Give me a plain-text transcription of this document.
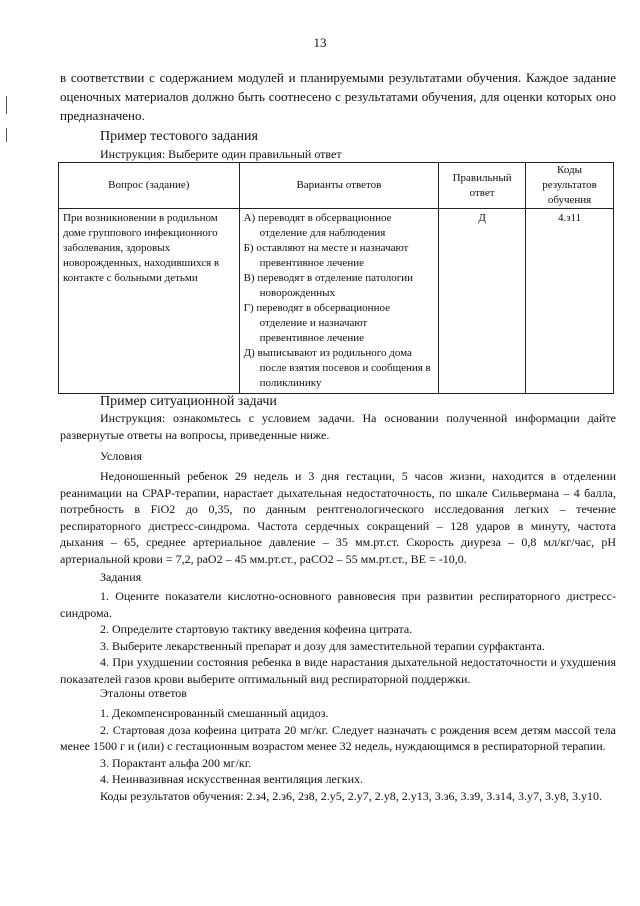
13
в соответствии с содержанием модулей и планируемыми результатами обучения. Каждое задание оценочных материалов должно быть соотнесено с результатами обучения, для оценки которых оно предназначено.
Пример тестового задания
Инструкция: Выберите один правильный ответ
Вопрос (задание)	Варианты ответов	Правильный ответ	Коды результатов обучения
При возникновении в родильном доме группового инфекционного заболевания, здоровых новорожденных, находившихся в контакте с больными детьми	А) переводят в обсервационное отделение для наблюдения
Б) оставляют на месте и назначают превентивное лечение
В) переводят в отделение патологии новорожденных
Г) переводят в обсервационное отделение и назначают превентивное лечение
Д) выписывают из родильного дома после взятия посевов и сообщения в поликлинику	Д	4.з11
Пример ситуационной задачи
Инструкция: ознакомьтесь с условием задачи. На основании полученной информации дайте развернутые ответы на вопросы, приведенные ниже.
Условия
Недоношенный ребенок 29 недель и 3 дня гестации, 5 часов жизни, находится в отделении реанимации на CPAP-терапии, нарастает дыхательная недостаточность, по шкале Сильвермана – 4 балла, потребность в FiO2 до 0,35, по данным рентгенологического исследования легких – течение респираторного дистресс-синдрома. Частота сердечных сокращений – 128 ударов в минуту, частота дыхания – 65, среднее артериальное давление – 35 мм.рт.ст. Скорость диуреза – 0,8 мл/кг/час, pH артериальной крови = 7,2, раО2 – 45 мм.рт.ст., раСО2 – 55 мм.рт.ст., BE = -10,0.
Задания
1. Оцените показатели кислотно-основного равновесия при развитии респираторного дистресс-синдрома.
2. Определите стартовую тактику введения кофеина цитрата.
3. Выберите лекарственный препарат и дозу для заместительной терапии сурфактанта.
4. При ухудшении состояния ребенка в виде нарастания дыхательной недостаточности и ухудшения показателей газов крови выберите оптимальный вид респираторной поддержки.
Эталоны ответов
1. Декомпенсированный смешанный ацидоз.
2. Стартовая доза кофеина цитрата 20 мг/кг. Следует назначать с рождения всем детям массой тела менее 1500 г и (или) с гестационным возрастом менее 32 недель, нуждающимся в респираторной терапии.
3. Порактант альфа 200 мг/кг.
4. Неинвазивная искусственная вентиляция легких.
Коды результатов обучения: 2.з4, 2.з6, 2з8, 2.у5, 2.у7, 2.у8, 2.у13, 3.з6, 3.з9, 3.з14, 3.у7, 3.у8, 3.у10.
